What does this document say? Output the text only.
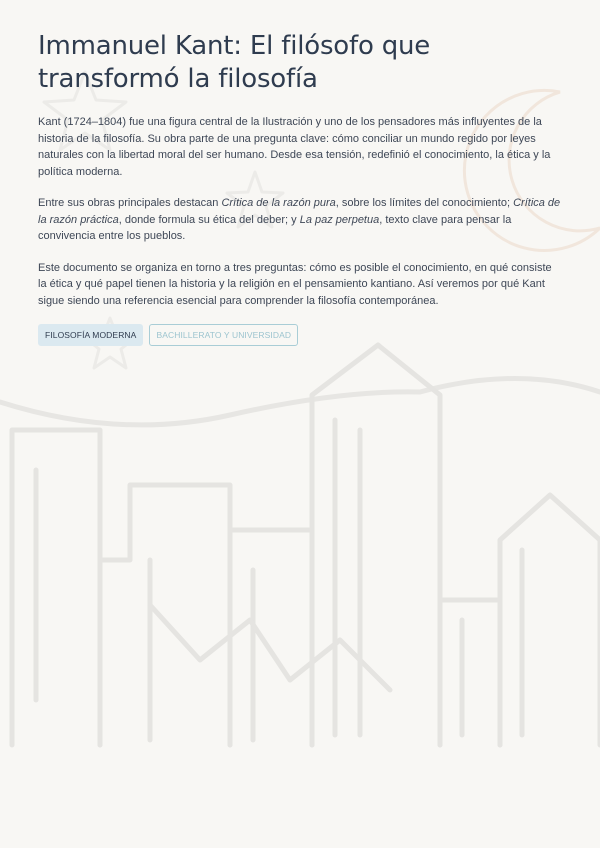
Immanuel Kant: El filósofo que
transformó la filosofía

Kant (1724–1804) fue una figura central de la Ilustración y uno de los pensadores más influyentes de la historia de la filosofía. Su obra parte de una pregunta clave: cómo conciliar un mundo regido por leyes naturales con la libertad moral del ser humano. Desde esa tensión, redefinió el conocimiento, la ética y la política moderna.

Entre sus obras principales destacan Crítica de la razón pura, sobre los límites del conocimiento; Crítica de la razón práctica, donde formula su ética del deber; y La paz perpetua, texto clave para pensar la convivencia entre los pueblos.

Este documento se organiza en torno a tres preguntas: cómo es posible el conocimiento, en qué consiste la ética y qué papel tienen la historia y la religión en el pensamiento kantiano. Así veremos por qué Kant sigue siendo una referencia esencial para comprender la filosofía contemporánea.

FILOSOFÍA MODERNA	BACHILLERATO Y UNIVERSIDAD
